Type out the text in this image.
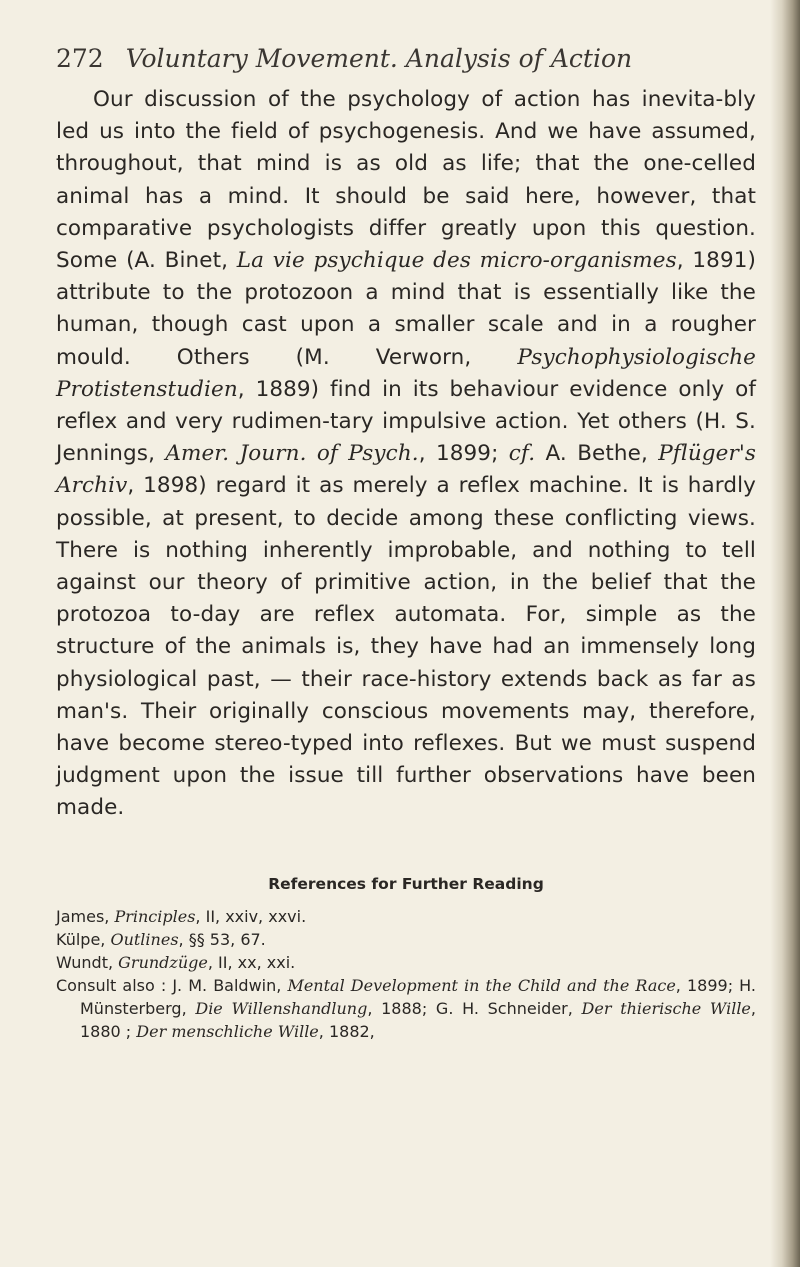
272 Voluntary Movement. Analysis of Action

Our discussion of the psychology of action has inevita-bly led us into the field of psychogenesis. And we have assumed, throughout, that mind is as old as life; that the one-celled animal has a mind. It should be said here, however, that comparative psychologists differ greatly upon this question. Some (A. Binet, La vie psychique des micro-organismes, 1891) attribute to the protozoon a mind that is essentially like the human, though cast upon a smaller scale and in a rougher mould. Others (M. Verworn, Psychophysiologische Protistenstudien, 1889) find in its behaviour evidence only of reflex and very rudimen-tary impulsive action. Yet others (H. S. Jennings, Amer. Journ. of Psych., 1899; cf. A. Bethe, Pflüger's Archiv, 1898) regard it as merely a reflex machine. It is hardly possible, at present, to decide among these conflicting views. There is nothing inherently improbable, and nothing to tell against our theory of primitive action, in the belief that the protozoa to-day are reflex automata. For, simple as the structure of the animals is, they have had an immensely long physiological past, — their race-history extends back as far as man's. Their originally conscious movements may, therefore, have become stereo-typed into reflexes. But we must suspend judgment upon the issue till further observations have been made.

References for Further Reading

James, Principles, II, xxiv, xxvi.

Külpe, Outlines, §§ 53, 67.

Wundt, Grundzüge, II, xx, xxi.

Consult also : J. M. Baldwin, Mental Development in the Child and the Race, 1899; H. Münsterberg, Die Willenshandlung, 1888; G. H. Schneider, Der thierische Wille, 1880 ; Der menschliche Wille, 1882,
